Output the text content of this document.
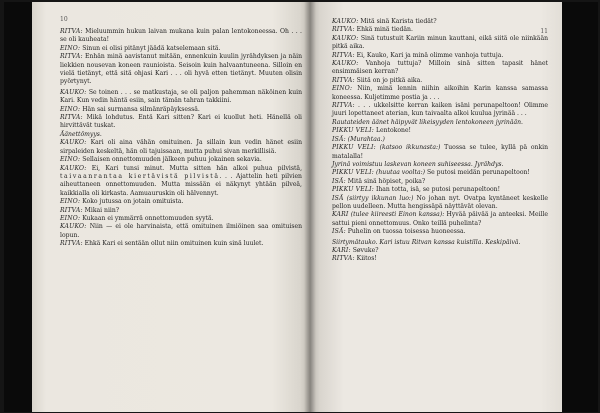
10

RITVA: Mieluummin hukun laivan mukana kuin palan lentokoneessa. Oh . . . se oli kauheata!

EINO: Sinun ei olisi pitänyt jäädä katselemaan sitä.

RITVA: Enhän minä aavistanut mitään, ennenkuin kuulin jyrähdyksen ja näin liekkien nousevan koneen raunioista. Seisoin kuin halvaantuneena. Silloin en vielä tietänyt, että sitä ohjasi Kari . . . oli hyvä etten tietänyt. Muuten olisin pyörtynyt.

KAUKO: Se toinen . . . se matkustaja, se oli paljon pahemman näköinen kuin Kari. Kun vedin häntä esiin, sain tämän tahran takkiini.

EINO: Hän sai surmansa silmänräpäyksessä.

RITVA: Mikä lohdutus. Entä Kari sitten? Kari ei kuollut heti. Hänellä oli hirvittävät tuskat.

Äänettömyys.

KAUKO: Kari oli aina vähän omituinen. Ja sillain kun vedin hänet esiin sirpaleiden keskeltä, hän oli tajuissaan, mutta puhui sivan merkillisiä.

EINO: Sellaisen onnettomuuden jälkeen puhuu jokainen sekavia.

KAUKO: Ei, Kari tunsi minut. Mutta sitten hän alkoi puhua pilvistä, taivaanrantaa kiertävistä pilvistä. . . Ajattelin heti pilvien aiheuttaneen onnettomuuden. Mutta missään ei näkynyt yhtään pilveä, kaikkialla oli kirkasta. Aamuauruskin oli hälvennyt.

EINO: Koko jutussa on jotain omituista.

RITVA: Mikai niin?

EINO: Kukaan ei ymmärrä onnettomuuden syytä.

KAUKO: Niin — ei ole harvinaista, että omituinen ilmiöinen saa omituisen lopun.

RITVA: Ehkä Kari ei sentään ollut niin omituinen kuin sinä luulet.

11

KAUKO: Mitä sinä Karista tiedät?

RITVA: Ehkä minä tiedän.

KAUKO: Sinä tutustuit Kariin minun kauttani, eikä siitä ole niinkään pitkä aika.

RITVA: Ei, Kauko, Kari ja minä olimme vanhoja tuttuja.

KAUKO: Vanhoja tuttuja? Milloin sinä sitten tapasit hänet ensimmäisen kerran?

RITVA: Siitä on jo pitkä aika.

EINO: Niin, minä lennin niihin aikoihin Karin kanssa samassa koneessa. Kuljetimme postia ja . . .

RITVA: . . . ukkelsitte kerran kaiken isäni perunapeltoon! Olimme juuri lopettaneet aterian, kun taivaalta alkoi kuulua jyrinää . . .

Rautateiden äänet häipyvät likeisyyden lentokoneen jyrinään.

PIKKU VELI: Lentokone!

ISÄ: (Murahtaa.)

PIKKU VELI: (katsoo ikkunasta:) Tuossa se tulee, kyllä pä onkin matalalla!

Jyrinä voimistuu laskevan koneen suhiseessa. Jyrähdys.

PIKKU VELI: (huutaa voolta:) Se putosi meidän perunapeltoon!

ISÄ: Mitä sinä höpiset, poika?

PIKKU VELI: Ihan totta, isä, se putosi perunapeltoon!

ISÄ (siirtyy ikkunan luo:) No johan nyt. Ovatpa kyntäneet keskelle pellon uudelleen. Mutta hengissäpä näyttävät olevan.

KARI (tulee kiireesti Einon kanssa): Hyvää päivää ja anteeksi. Meille sattui pieni onnettomuus. Onko teillä puhelinta?

ISÄ: Puhelin on tuossa toisessa huoneessa.

Siirtymätauko. Kari istuu Ritvan kanssa kuistilla. Keskipäivä.

KARI: Søvuke?

RITVA: Kiitos!
